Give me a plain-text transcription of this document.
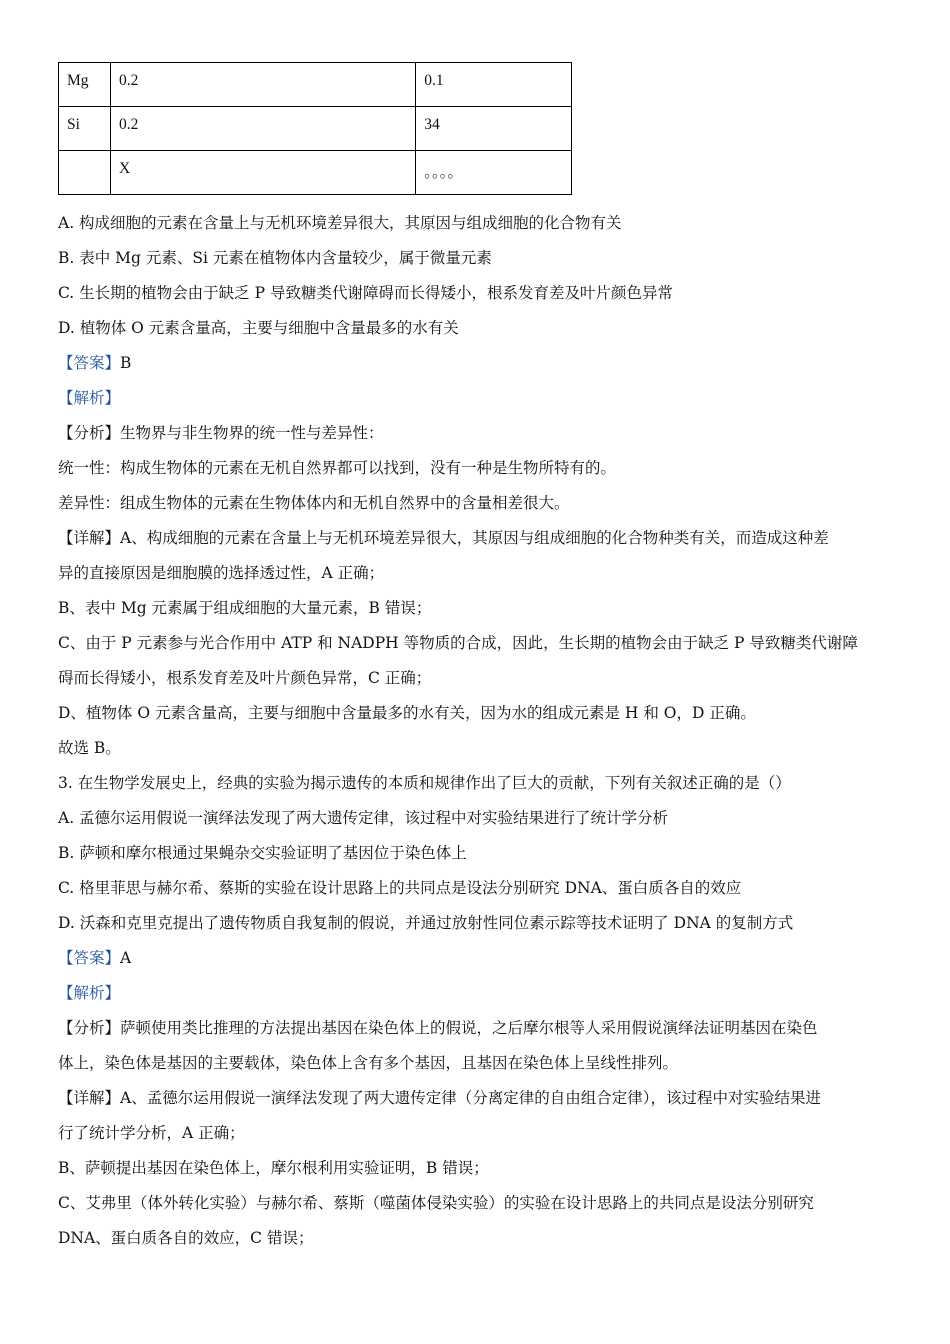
Mg	0.2	0.1
Si	0.2	34
	X	。。。。
A. 构成细胞的元素在含量上与无机环境差异很大，其原因与组成细胞的化合物有关
B. 表中 Mg 元素、Si 元素在植物体内含量较少，属于微量元素
C. 生长期的植物会由于缺乏 P 导致糖类代谢障碍而长得矮小，根系发育差及叶片颜色异常
D. 植物体 O 元素含量高，主要与细胞中含量最多的水有关
【答案】B
【解析】
【分析】生物界与非生物界的统一性与差异性：
统一性：构成生物体的元素在无机自然界都可以找到，没有一种是生物所特有的。
差异性：组成生物体的元素在生物体体内和无机自然界中的含量相差很大。
【详解】A、构成细胞的元素在含量上与无机环境差异很大，其原因与组成细胞的化合物种类有关，而造成这种差
异的直接原因是细胞膜的选择透过性，A 正确；
B、表中 Mg 元素属于组成细胞的大量元素，B 错误；
C、由于 P 元素参与光合作用中 ATP 和 NADPH 等物质的合成，因此，生长期的植物会由于缺乏 P 导致糖类代谢障
碍而长得矮小，根系发育差及叶片颜色异常，C 正确；
D、植物体 O 元素含量高，主要与细胞中含量最多的水有关，因为水的组成元素是 H 和 O，D 正确。
故选 B。
3. 在生物学发展史上，经典的实验为揭示遗传的本质和规律作出了巨大的贡献，下列有关叙述正确的是（）
A. 孟德尔运用假说一演绎法发现了两大遗传定律，该过程中对实验结果进行了统计学分析
B. 萨顿和摩尔根通过果蝇杂交实验证明了基因位于染色体上
C. 格里菲思与赫尔希、蔡斯的实验在设计思路上的共同点是设法分别研究 DNA、蛋白质各自的效应
D. 沃森和克里克提出了遗传物质自我复制的假说，并通过放射性同位素示踪等技术证明了 DNA 的复制方式
【答案】A
【解析】
【分析】萨顿使用类比推理的方法提出基因在染色体上的假说，之后摩尔根等人采用假说演绎法证明基因在染色
体上，染色体是基因的主要载体，染色体上含有多个基因，且基因在染色体上呈线性排列。
【详解】A、孟德尔运用假说一演绎法发现了两大遗传定律（分离定律的自由组合定律），该过程中对实验结果进
行了统计学分析，A 正确；
B、萨顿提出基因在染色体上，摩尔根利用实验证明，B 错误；
C、艾弗里（体外转化实验）与赫尔希、蔡斯（噬菌体侵染实验）的实验在设计思路上的共同点是设法分别研究
DNA、蛋白质各自的效应，C 错误；
